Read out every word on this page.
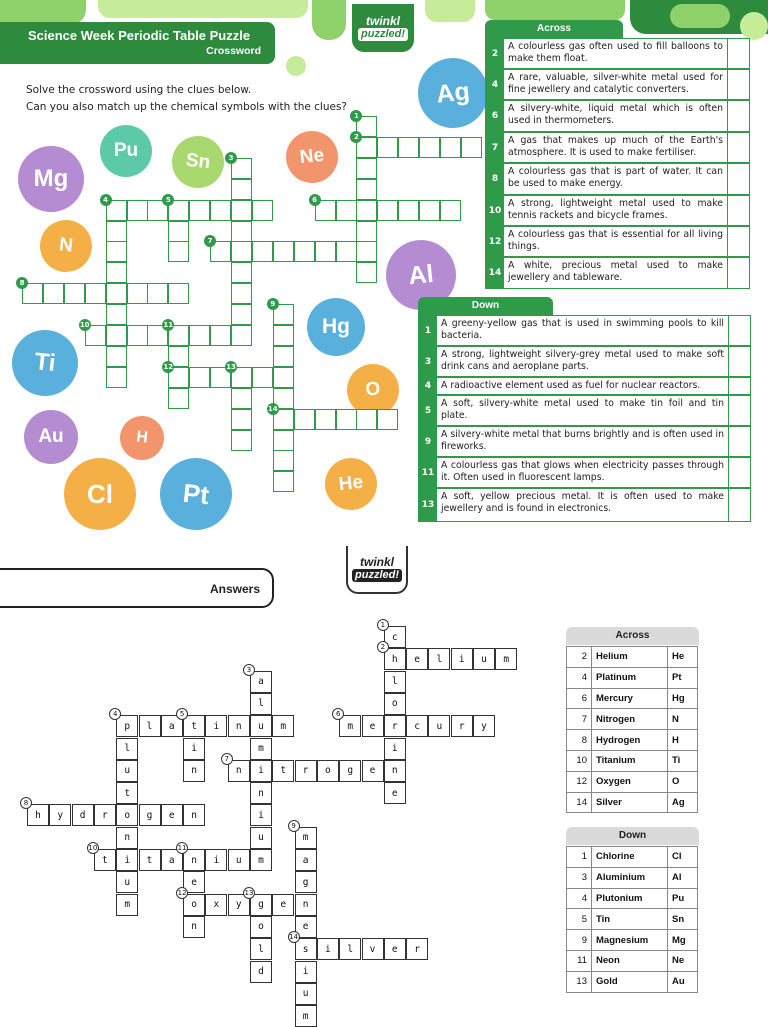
Science Week Periodic Table Puzzle
Crossword
twinkl
puzzled!
Solve the crossword using the clues below.
Can you also match up the chemical symbols with the clues?	Ag
Pu	Sn	Ne
Mg
N
Al
Hg
Ti
O
Au	H
He
Cl	Pt
1
2
3
4	5	6
7
8
9
10	11
12	13
14
Across
2
A colourless gas often used to fill balloons to make them float.
4
A rare, valuable, silver-white metal used for fine jewellery and catalytic converters.
6
A silvery-white, liquid metal which is often used in thermometers.
7
A gas that makes up much of the Earth's atmosphere. It is used to make fertiliser.
8
A colourless gas that is part of water. It can be used to make energy.
10
A strong, lightweight metal used to make tennis rackets and bicycle frames.
12
A colourless gas that is essential for all living things.
14
A white, precious metal used to make jewellery and tableware.
Down
1
A greeny-yellow gas that is used in swimming pools to kill bacteria.
3
A strong, lightweight silvery-grey metal used to make soft drink cans and aeroplane parts.
4	A radioactive element used as fuel for nuclear reactors.
5
A soft, silvery-white metal used to make tin foil and tin plate.
9
A silvery-white metal that burns brightly and is often used in fireworks.
11
A colourless gas that glows when electricity passes through it. Often used in fluorescent lamps.
13
A soft, yellow precious metal. It is often used to make jewellery and is found in electronics.
twinkl
puzzled!
Answers
c
h
l
o
r
i
n
e
e	l	i	u	m
a
l
u
m
i
n
i
u
m
p	l	a	t	i	n	m
l
u
t
o
n
i
u
m
i
n
m	e	c	u	r	y
n	t	r	o	g	e
h	y	d	r	g	e	n
m
a
g
n
e
s
i
u
m
t	t	a	n	i	u
e
o
n
x	y	g	e
o
l
d
i	l	v	e	r
1
2
3
4	5	6
7
8
9
10	11
12	13
14
Across
2	Helium	He
4	Platinum	Pt
6	Mercury	Hg
7	Nitrogen	N
8	Hydrogen	H
10	Titanium	Ti
12	Oxygen	O
14	Silver	Ag
Down
1	Chlorine	Cl
3	Aluminium	Al
4	Plutonium	Pu
5	Tin	Sn
9	Magnesium	Mg
11	Neon	Ne
13	Gold	Au
